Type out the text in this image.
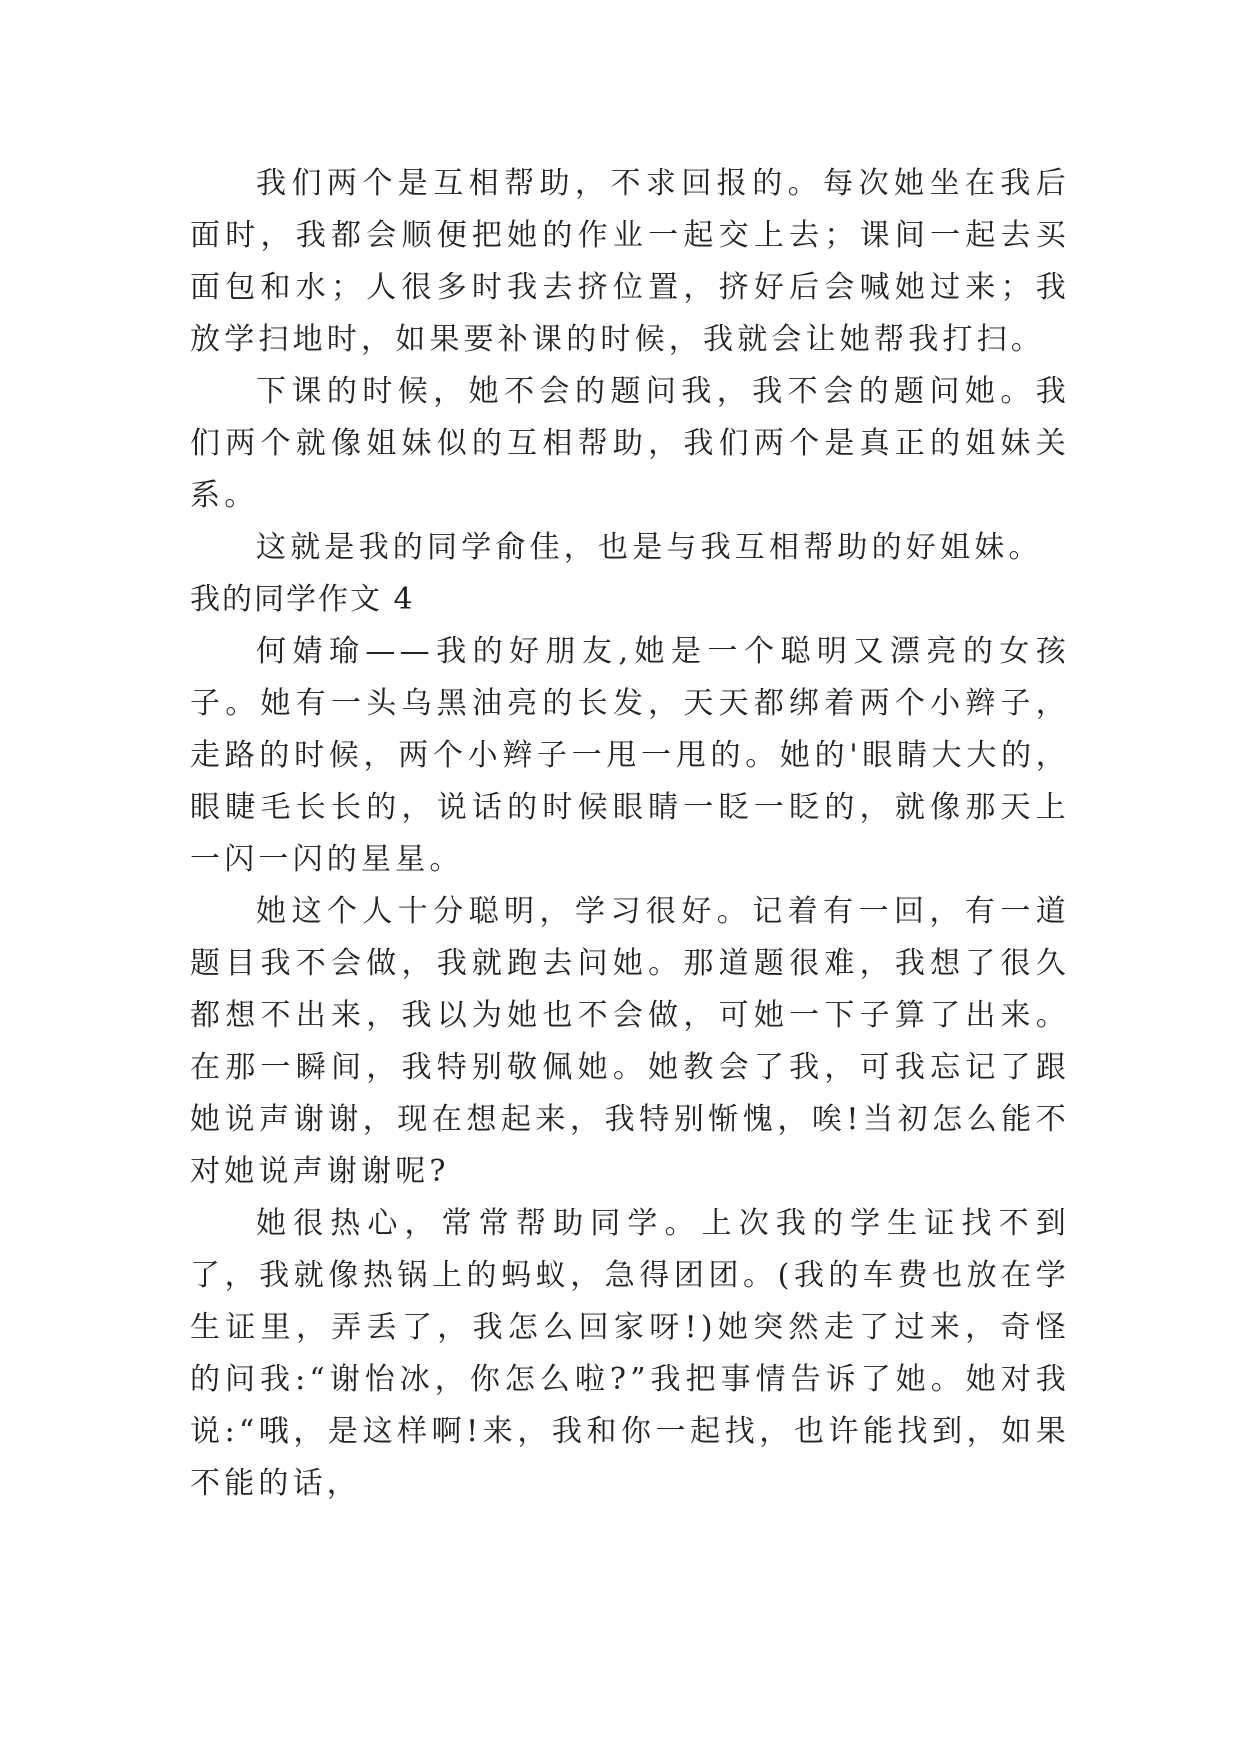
我们两个是互相帮助，不求回报的。每次她坐在我后面时，我都会顺便把她的作业一起交上去；课间一起去买面包和水；人很多时我去挤位置，挤好后会喊她过来；我放学扫地时，如果要补课的时候，我就会让她帮我打扫。

下课的时候，她不会的题问我，我不会的题问她。我们两个就像姐妹似的互相帮助，我们两个是真正的姐妹关系。

这就是我的同学俞佳，也是与我互相帮助的好姐妹。

我的同学作文 4

何婧瑜——我的好朋友,她是一个聪明又漂亮的女孩子。她有一头乌黑油亮的长发，天天都绑着两个小辫子，走路的时候，两个小辫子一甩一甩的。她的'眼睛大大的，眼睫毛长长的，说话的时候眼睛一眨一眨的，就像那天上一闪一闪的星星。

她这个人十分聪明，学习很好。记着有一回，有一道题目我不会做，我就跑去问她。那道题很难，我想了很久都想不出来，我以为她也不会做，可她一下子算了出来。在那一瞬间，我特别敬佩她。她教会了我，可我忘记了跟她说声谢谢，现在想起来，我特别惭愧，唉!当初怎么能不对她说声谢谢呢?

她很热心，常常帮助同学。上次我的学生证找不到了，我就像热锅上的蚂蚁，急得团团。(我的车费也放在学生证里，弄丢了，我怎么回家呀!)她突然走了过来，奇怪的问我:“谢怡冰，你怎么啦?”我把事情告诉了她。她对我说:“哦，是这样啊!来，我和你一起找，也许能找到，如果不能的话，
